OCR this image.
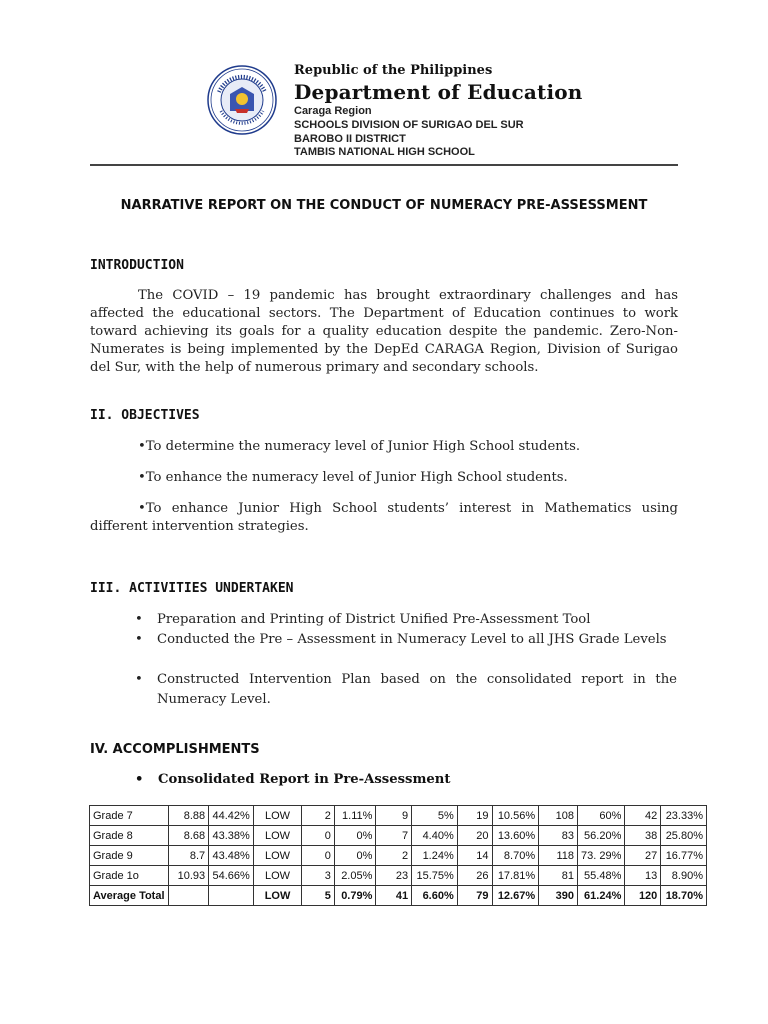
Republic of the Philippines
Department of Education
Caraga Region
SCHOOLS DIVISION OF SURIGAO DEL SUR
BAROBO II DISTRICT
TAMBIS NATIONAL HIGH SCHOOL
NARRATIVE REPORT ON THE CONDUCT OF NUMERACY PRE-ASSESSMENT
INTRODUCTION
The COVID – 19 pandemic has brought extraordinary challenges and has affected the educational sectors. The Department of Education continues to work toward achieving its goals for a quality education despite the pandemic. Zero-Non-Numerates is being implemented by the DepEd CARAGA Region, Division of Surigao del Sur, with the help of numerous primary and secondary schools.
II. OBJECTIVES
•To determine the numeracy level of Junior High School students.
•To enhance the numeracy level of Junior High School students.
•To enhance Junior High School students’ interest in Mathematics using different intervention strategies.
III. ACTIVITIES UNDERTAKEN
• Preparation and Printing of District Unified Pre-Assessment Tool
• Conducted the Pre – Assessment in Numeracy Level to all JHS Grade Levels
• Constructed Intervention Plan based on the consolidated report in the Numeracy Level.
IV. ACCOMPLISHMENTS
• Consolidated Report in Pre-Assessment
Grade 7	8.88	44.42%	LOW	2	1.11%	9	5%	19	10.56%	108	60%	42	23.33%
Grade 8	8.68	43.38%	LOW	0	0%	7	4.40%	20	13.60%	83	56.20%	38	25.80%
Grade 9	8.7	43.48%	LOW	0	0%	2	1.24%	14	8.70%	118	73. 29%	27	16.77%
Grade 1o	10.93	54.66%	LOW	3	2.05%	23	15.75%	26	17.81%	81	55.48%	13	8.90%
Average Total			LOW	5	0.79%	41	6.60%	79	12.67%	390	61.24%	120	18.70%
